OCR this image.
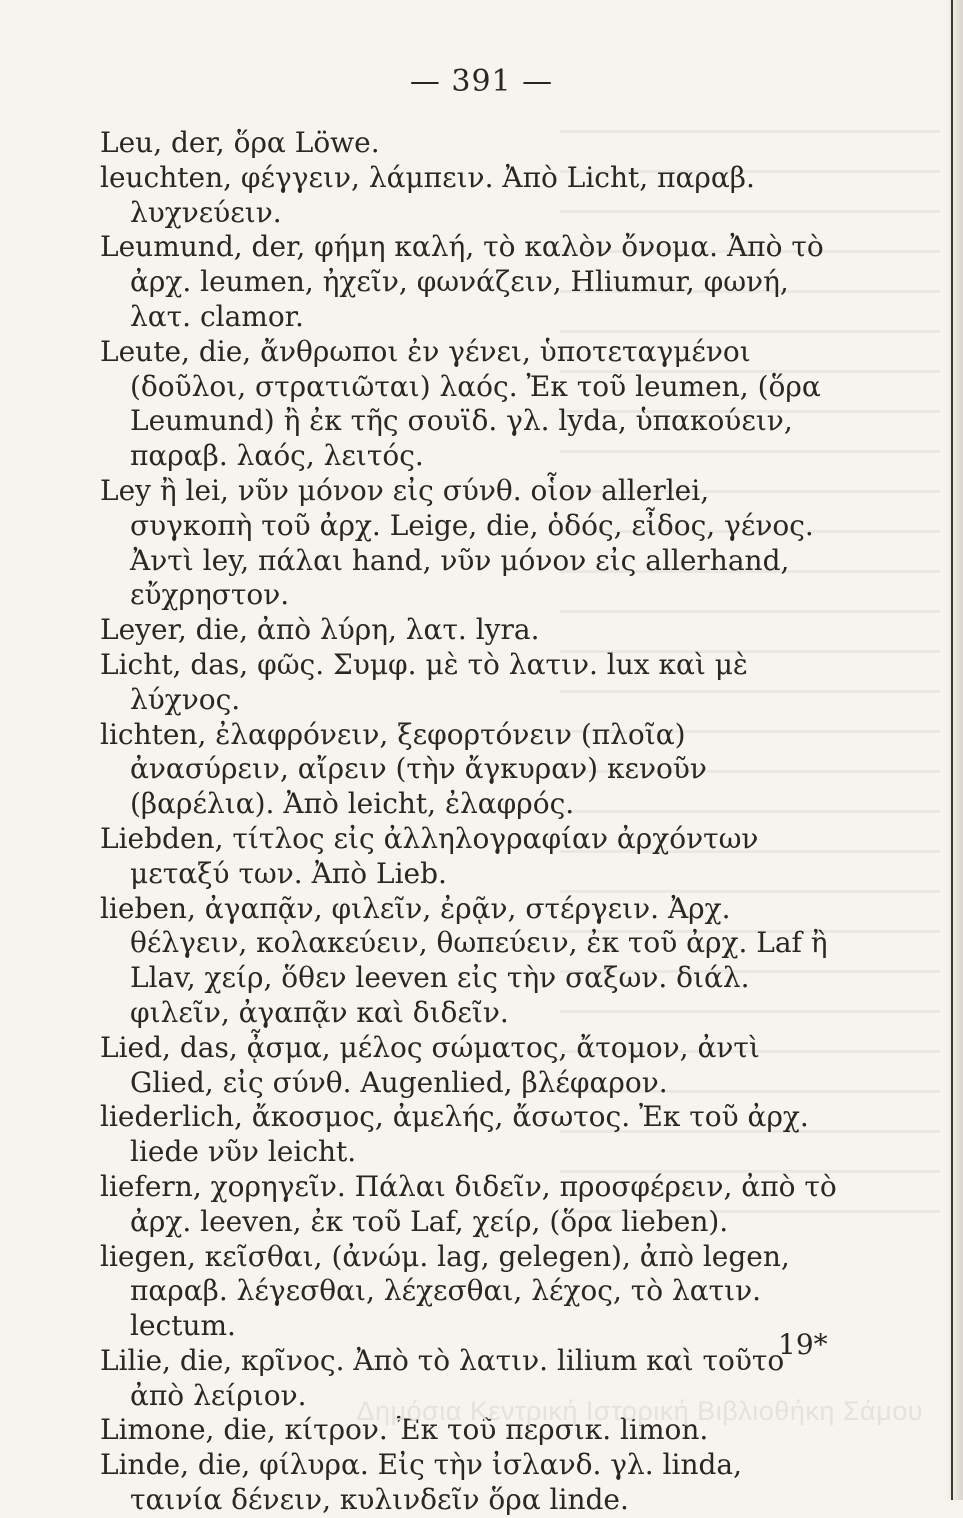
— 391 —

Leu, der, ὅρα Löwe.

leuchten, φέγγειν, λάμπειν. Ἀπὸ Licht, παραβ. λυχνεύειν.

Leumund, der, φήμη καλή, τὸ καλὸν ὄνομα. Ἀπὸ τὸ ἀρχ. leumen, ἠχεῖν, φωνάζειν, Hliumur, φωνή, λατ. clamor.

Leute, die, ἄνθρωποι ἐν γένει, ὑποτεταγμένοι (δοῦλοι, στρατιῶται) λαός. Ἐκ τοῦ leumen, (ὅρα Leumund) ἢ ἐκ τῆς σουϊδ. γλ. lyda, ὑπακούειν, παραβ. λαός, λειτός.

Ley ἢ lei, νῦν μόνον εἰς σύνθ. οἷον allerlei, συγκοπὴ τοῦ ἀρχ. Leige, die, ὁδός, εἶδος, γένος. Ἀντὶ ley, πάλαι hand, νῦν μόνον εἰς allerhand, εὔχρηστον.

Leyer, die, ἀπὸ λύρη, λατ. lyra.

Licht, das, φῶς. Συμφ. μὲ τὸ λατιν. lux καὶ μὲ λύχνος.

lichten, ἐλαφρόνειν, ξεφορτόνειν (πλοῖα) ἀνασύρειν, αἴρειν (τὴν ἄγκυραν) κενοῦν (βαρέλια). Ἀπὸ leicht, ἐλαφρός.

Liebden, τίτλος εἰς ἀλληλογραφίαν ἀρχόντων μεταξύ των. Ἀπὸ Lieb.

lieben, ἀγαπᾷν, φιλεῖν, ἐρᾷν, στέργειν. Ἀρχ. θέλγειν, κολακεύειν, θωπεύειν, ἐκ τοῦ ἀρχ. Laf ἢ Llav, χείρ, ὅθεν leeven εἰς τὴν σαξων. διάλ. φιλεῖν, ἀγαπᾷν καὶ διδεῖν.

Lied, das, ᾆσμα, μέλος σώματος, ἄτομον, ἀντὶ Glied, εἰς σύνθ. Augenlied, βλέφαρον.

liederlich, ἄκοσμος, ἀμελής, ἄσωτος. Ἐκ τοῦ ἀρχ. liede νῦν leicht.

liefern, χορηγεῖν. Πάλαι διδεῖν, προσφέρειν, ἀπὸ τὸ ἀρχ. leeven, ἐκ τοῦ Laf, χείρ, (ὅρα lieben).

liegen, κεῖσθαι, (ἀνώμ. lag, gelegen), ἀπὸ legen, παραβ. λέγεσθαι, λέχεσθαι, λέχος, τὸ λατιν. lectum.

Lilie, die, κρῖνος. Ἀπὸ τὸ λατιν. lilium καὶ τοῦτο ἀπὸ λείριον.

Limone, die, κίτρον. Ἐκ τοῦ περσικ. limon.

Linde, die, φίλυρα. Εἰς τὴν ἰσλανδ. γλ. linda, ταινία δένειν, κυλινδεῖν ὅρα linde.

19*
Δημόσια Κεντρική Ιστορική Βιβλιοθήκη Σάμου
